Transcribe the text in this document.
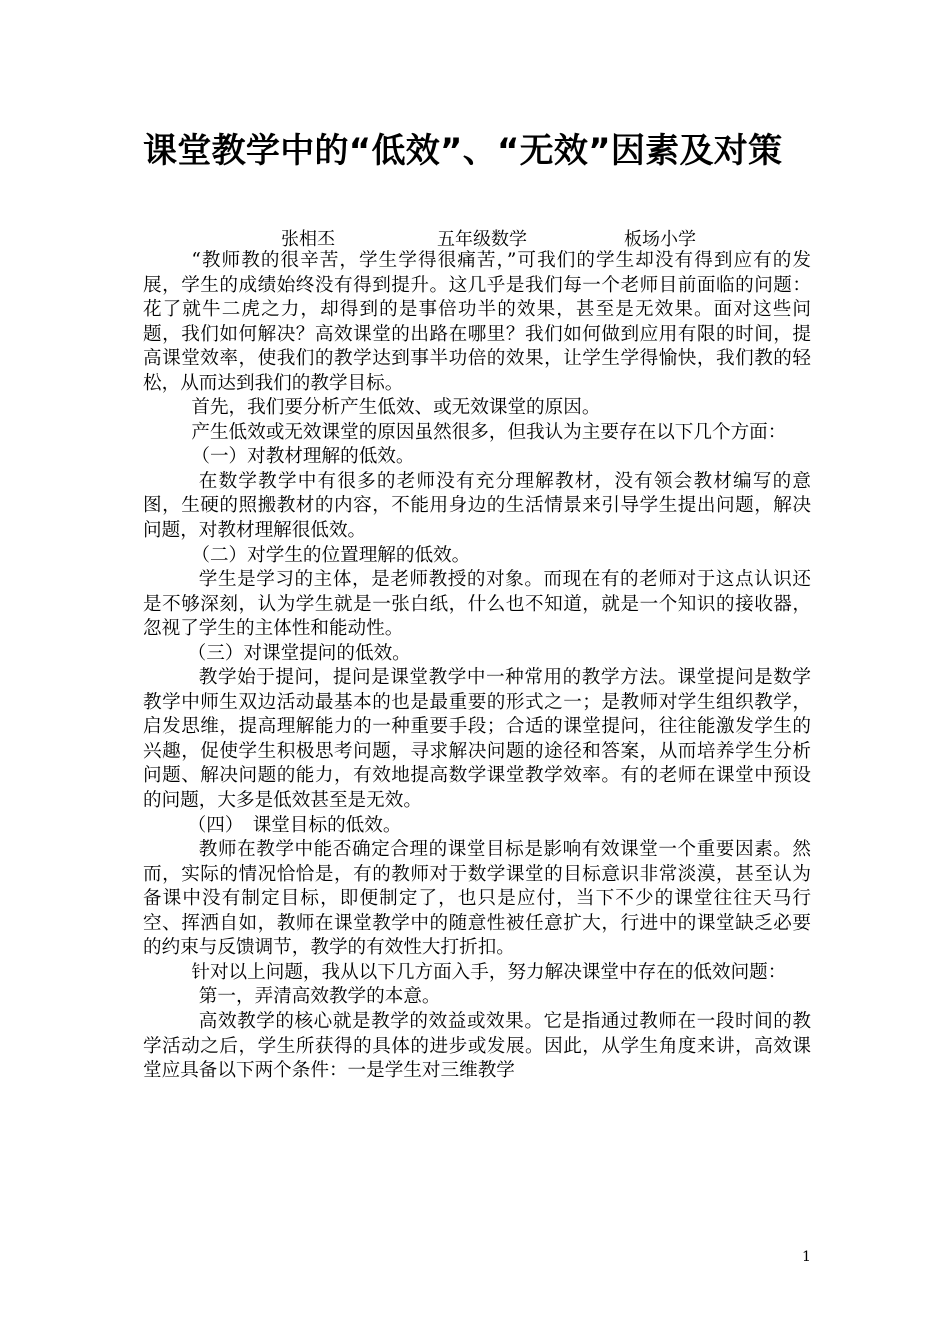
课堂教学中的“低效”、“无效”因素及对策
张相丕	五年级数学	板场小学

“教师教的很辛苦，学生学得很痛苦，”可我们的学生却没有得到应有的发展，学生的成绩始终没有得到提升。这几乎是我们每一个老师目前面临的问题：花了就牛二虎之力，却得到的是事倍功半的效果，甚至是无效果。面对这些问题，我们如何解决？高效课堂的出路在哪里？我们如何做到应用有限的时间，提高课堂效率，使我们的教学达到事半功倍的效果，让学生学得愉快，我们教的轻松，从而达到我们的教学目标。

首先，我们要分析产生低效、或无效课堂的原因。

产生低效或无效课堂的原因虽然很多，但我认为主要存在以下几个方面：

（一）对教材理解的低效。

在数学教学中有很多的老师没有充分理解教材，没有领会教材编写的意图，生硬的照搬教材的内容，不能用身边的生活情景来引导学生提出问题，解决问题，对教材理解很低效。

（二）对学生的位置理解的低效。

学生是学习的主体，是老师教授的对象。而现在有的老师对于这点认识还是不够深刻，认为学生就是一张白纸，什么也不知道，就是一个知识的接收器，忽视了学生的主体性和能动性。

（三）对课堂提问的低效。

教学始于提问，提问是课堂教学中一种常用的教学方法。课堂提问是数学教学中师生双边活动最基本的也是最重要的形式之一；是教师对学生组织教学，启发思维，提高理解能力的一种重要手段；合适的课堂提问，往往能激发学生的兴趣，促使学生积极思考问题，寻求解决问题的途径和答案，从而培养学生分析问题、解决问题的能力，有效地提高数学课堂教学效率。有的老师在课堂中预设的问题，大多是低效甚至是无效。

（四）　课堂目标的低效。

教师在教学中能否确定合理的课堂目标是影响有效课堂一个重要因素。然而，实际的情况恰恰是，有的教师对于数学课堂的目标意识非常淡漠，甚至认为备课中没有制定目标，即便制定了，也只是应付，当下不少的课堂往往天马行空、挥洒自如，教师在课堂教学中的随意性被任意扩大，行进中的课堂缺乏必要的约束与反馈调节，教学的有效性大打折扣。

针对以上问题，我从以下几方面入手，努力解决课堂中存在的低效问题：

第一，弄清高效教学的本意。

高效教学的核心就是教学的效益或效果。它是指通过教师在一段时间的教学活动之后，学生所获得的具体的进步或发展。因此，从学生角度来讲，高效课堂应具备以下两个条件：一是学生对三维教学

1
